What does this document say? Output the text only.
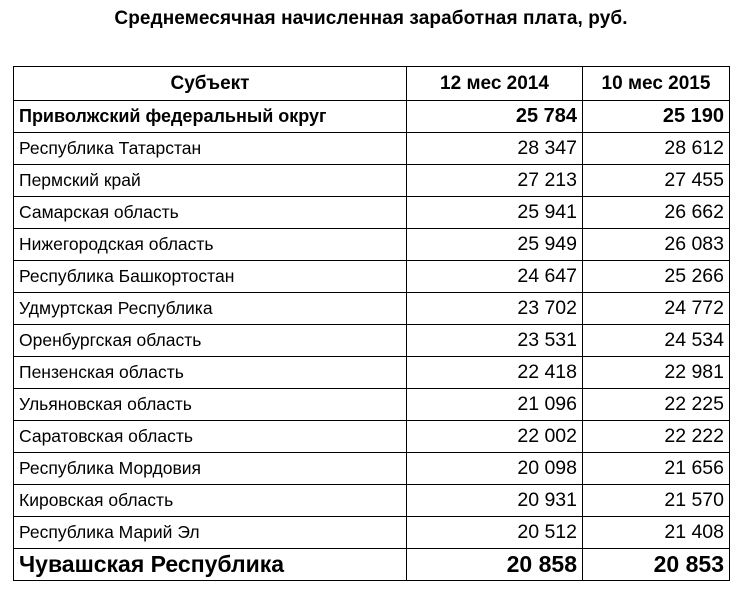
Среднемесячная начисленная заработная плата, руб.
Субъект	12 мес 2014	10 мес 2015
Приволжский федеральный округ	25 784	25 190
Республика Татарстан	28 347	28 612
Пермский край	27 213	27 455
Самарская область	25 941	26 662
Нижегородская область	25 949	26 083
Республика Башкортостан	24 647	25 266
Удмуртская Республика	23 702	24 772
Оренбургская область	23 531	24 534
Пензенская область	22 418	22 981
Ульяновская область	21 096	22 225
Саратовская область	22 002	22 222
Республика Мордовия	20 098	21 656
Кировская область	20 931	21 570
Республика Марий Эл	20 512	21 408
Чувашская Республика	20 858	20 853
